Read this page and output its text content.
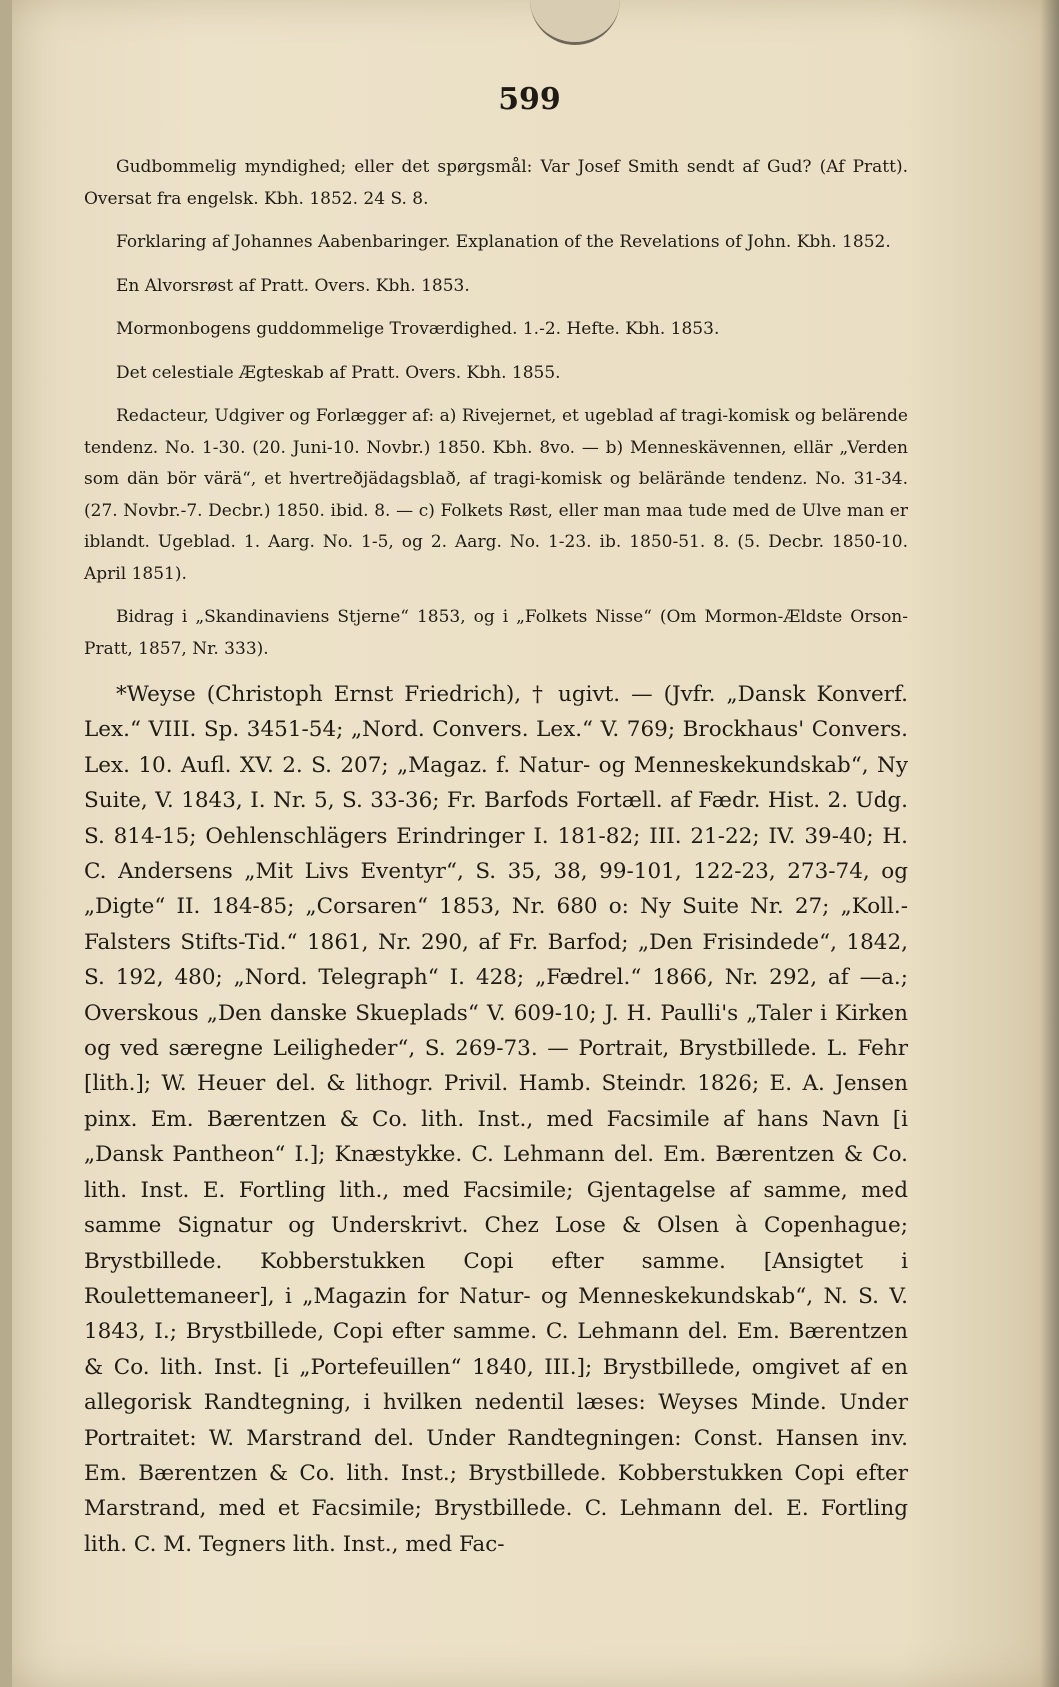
599

Gudbommelig myndighed; eller det spørgsmål: Var Josef Smith sendt af Gud? (Af Pratt). Oversat fra engelsk. Kbh. 1852. 24 S. 8.

Forklaring af Johannes Aabenbaringer. Explanation of the Revelations of John. Kbh. 1852.

En Alvorsrøst af Pratt. Overs. Kbh. 1853.

Mormonbogens guddommelige Troværdighed. 1.-2. Hefte. Kbh. 1853.

Det celestiale Ægteskab af Pratt. Overs. Kbh. 1855.

Redacteur, Udgiver og Forlægger af: a) Rivejernet, et ugeblad af tragi-komisk og belärende tendenz. No. 1-30. (20. Juni-10. Novbr.) 1850. Kbh. 8vo. — b) Menneskävennen, ellär „Verden som dän bör värä“, et hvertreðjädagsblað, af tragi-komisk og belärände tendenz. No. 31-34. (27. Novbr.-7. Decbr.) 1850. ibid. 8. — c) Folkets Røst, eller man maa tude med de Ulve man er iblandt. Ugeblad. 1. Aarg. No. 1-5, og 2. Aarg. No. 1-23. ib. 1850-51. 8. (5. Decbr. 1850-10. April 1851).

Bidrag i „Skandinaviens Stjerne“ 1853, og i „Folkets Nisse“ (Om Mormon-Ældste Orson-Pratt, 1857, Nr. 333).

*Weyse (Christoph Ernst Friedrich), † ugivt. — (Jvfr. „Dansk Konverf. Lex.“ VIII. Sp. 3451-54; „Nord. Convers. Lex.“ V. 769; Brockhaus' Convers. Lex. 10. Aufl. XV. 2. S. 207; „Magaz. f. Natur- og Menneskekundskab“, Ny Suite, V. 1843, I. Nr. 5, S. 33-36; Fr. Barfods Fortæll. af Fædr. Hist. 2. Udg. S. 814-15; Oehlenschlägers Erindringer I. 181-82; III. 21-22; IV. 39-40; H. C. Andersens „Mit Livs Eventyr“, S. 35, 38, 99-101, 122-23, 273-74, og „Digte“ II. 184-85; „Corsaren“ 1853, Nr. 680 o: Ny Suite Nr. 27; „Koll.-Falsters Stifts-Tid.“ 1861, Nr. 290, af Fr. Barfod; „Den Frisindede“, 1842, S. 192, 480; „Nord. Telegraph“ I. 428; „Fædrel.“ 1866, Nr. 292, af —a.; Overskous „Den danske Skueplads“ V. 609-10; J. H. Paulli's „Taler i Kirken og ved særegne Leiligheder“, S. 269-73. — Portrait, Brystbillede. L. Fehr [lith.]; W. Heuer del. & lithogr. Privil. Hamb. Steindr. 1826; E. A. Jensen pinx. Em. Bærentzen & Co. lith. Inst., med Facsimile af hans Navn [i „Dansk Pantheon“ I.]; Knæstykke. C. Lehmann del. Em. Bærentzen & Co. lith. Inst. E. Fortling lith., med Facsimile; Gjentagelse af samme, med samme Signatur og Underskrivt. Chez Lose & Olsen à Copenhague; Brystbillede. Kobberstukken Copi efter samme. [Ansigtet i Roulettemaneer], i „Magazin for Natur- og Menneskekundskab“, N. S. V. 1843, I.; Brystbillede, Copi efter samme. C. Lehmann del. Em. Bærentzen & Co. lith. Inst. [i „Portefeuillen“ 1840, III.]; Brystbillede, omgivet af en allegorisk Randtegning, i hvilken nedentil læses: Weyses Minde. Under Portraitet: W. Marstrand del. Under Randtegningen: Const. Hansen inv. Em. Bærentzen & Co. lith. Inst.; Brystbillede. Kobberstukken Copi efter Marstrand, med et Facsimile; Brystbillede. C. Lehmann del. E. Fortling lith. C. M. Tegners lith. Inst., med Fac-
